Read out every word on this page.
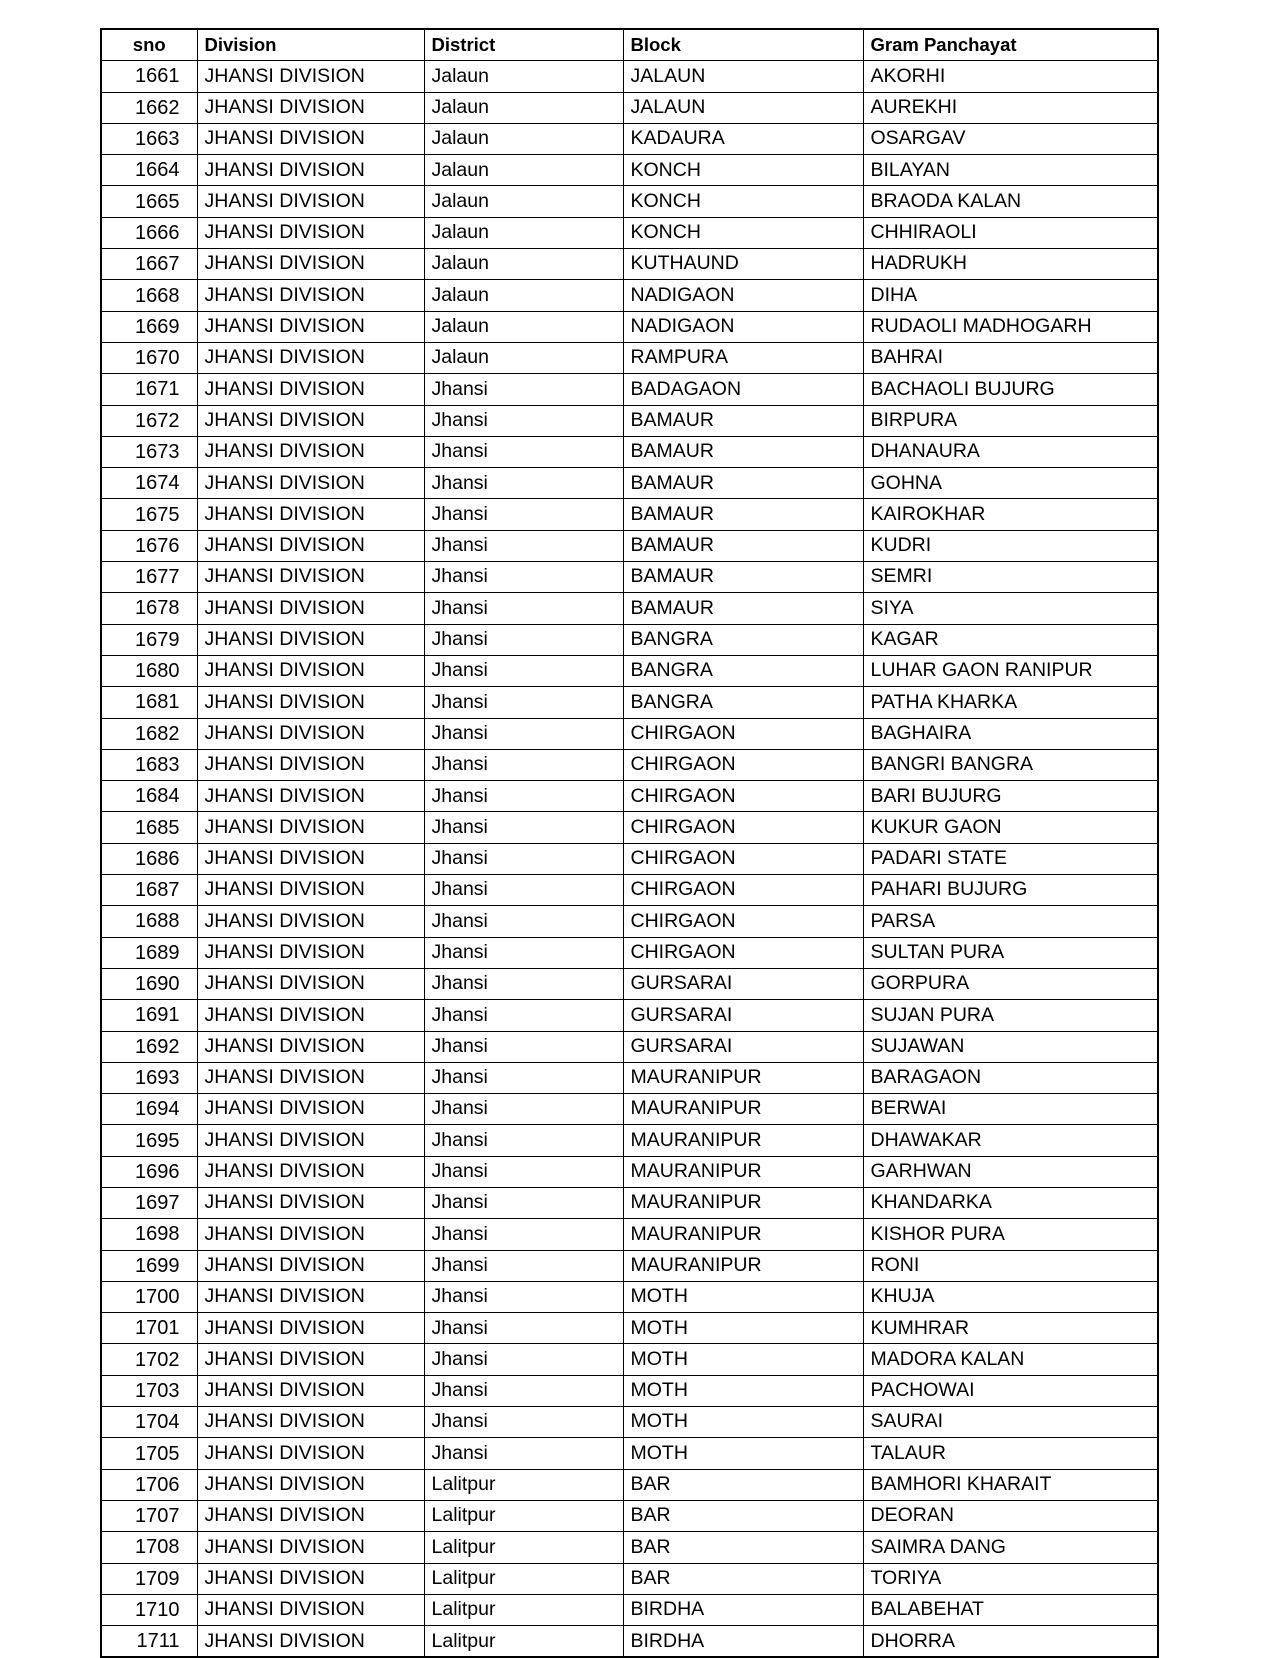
sno	Division	District	Block	Gram Panchayat
1661	JHANSI DIVISION	Jalaun	JALAUN	AKORHI
1662	JHANSI DIVISION	Jalaun	JALAUN	AUREKHI
1663	JHANSI DIVISION	Jalaun	KADAURA	OSARGAV
1664	JHANSI DIVISION	Jalaun	KONCH	BILAYAN
1665	JHANSI DIVISION	Jalaun	KONCH	BRAODA KALAN
1666	JHANSI DIVISION	Jalaun	KONCH	CHHIRAOLI
1667	JHANSI DIVISION	Jalaun	KUTHAUND	HADRUKH
1668	JHANSI DIVISION	Jalaun	NADIGAON	DIHA
1669	JHANSI DIVISION	Jalaun	NADIGAON	RUDAOLI MADHOGARH
1670	JHANSI DIVISION	Jalaun	RAMPURA	BAHRAI
1671	JHANSI DIVISION	Jhansi	BADAGAON	BACHAOLI BUJURG
1672	JHANSI DIVISION	Jhansi	BAMAUR	BIRPURA
1673	JHANSI DIVISION	Jhansi	BAMAUR	DHANAURA
1674	JHANSI DIVISION	Jhansi	BAMAUR	GOHNA
1675	JHANSI DIVISION	Jhansi	BAMAUR	KAIROKHAR
1676	JHANSI DIVISION	Jhansi	BAMAUR	KUDRI
1677	JHANSI DIVISION	Jhansi	BAMAUR	SEMRI
1678	JHANSI DIVISION	Jhansi	BAMAUR	SIYA
1679	JHANSI DIVISION	Jhansi	BANGRA	KAGAR
1680	JHANSI DIVISION	Jhansi	BANGRA	LUHAR GAON RANIPUR
1681	JHANSI DIVISION	Jhansi	BANGRA	PATHA KHARKA
1682	JHANSI DIVISION	Jhansi	CHIRGAON	BAGHAIRA
1683	JHANSI DIVISION	Jhansi	CHIRGAON	BANGRI BANGRA
1684	JHANSI DIVISION	Jhansi	CHIRGAON	BARI BUJURG
1685	JHANSI DIVISION	Jhansi	CHIRGAON	KUKUR GAON
1686	JHANSI DIVISION	Jhansi	CHIRGAON	PADARI STATE
1687	JHANSI DIVISION	Jhansi	CHIRGAON	PAHARI BUJURG
1688	JHANSI DIVISION	Jhansi	CHIRGAON	PARSA
1689	JHANSI DIVISION	Jhansi	CHIRGAON	SULTAN PURA
1690	JHANSI DIVISION	Jhansi	GURSARAI	GORPURA
1691	JHANSI DIVISION	Jhansi	GURSARAI	SUJAN PURA
1692	JHANSI DIVISION	Jhansi	GURSARAI	SUJAWAN
1693	JHANSI DIVISION	Jhansi	MAURANIPUR	BARAGAON
1694	JHANSI DIVISION	Jhansi	MAURANIPUR	BERWAI
1695	JHANSI DIVISION	Jhansi	MAURANIPUR	DHAWAKAR
1696	JHANSI DIVISION	Jhansi	MAURANIPUR	GARHWAN
1697	JHANSI DIVISION	Jhansi	MAURANIPUR	KHANDARKA
1698	JHANSI DIVISION	Jhansi	MAURANIPUR	KISHOR PURA
1699	JHANSI DIVISION	Jhansi	MAURANIPUR	RONI
1700	JHANSI DIVISION	Jhansi	MOTH	KHUJA
1701	JHANSI DIVISION	Jhansi	MOTH	KUMHRAR
1702	JHANSI DIVISION	Jhansi	MOTH	MADORA KALAN
1703	JHANSI DIVISION	Jhansi	MOTH	PACHOWAI
1704	JHANSI DIVISION	Jhansi	MOTH	SAURAI
1705	JHANSI DIVISION	Jhansi	MOTH	TALAUR
1706	JHANSI DIVISION	Lalitpur	BAR	BAMHORI KHARAIT
1707	JHANSI DIVISION	Lalitpur	BAR	DEORAN
1708	JHANSI DIVISION	Lalitpur	BAR	SAIMRA DANG
1709	JHANSI DIVISION	Lalitpur	BAR	TORIYA
1710	JHANSI DIVISION	Lalitpur	BIRDHA	BALABEHAT
1711	JHANSI DIVISION	Lalitpur	BIRDHA	DHORRA
